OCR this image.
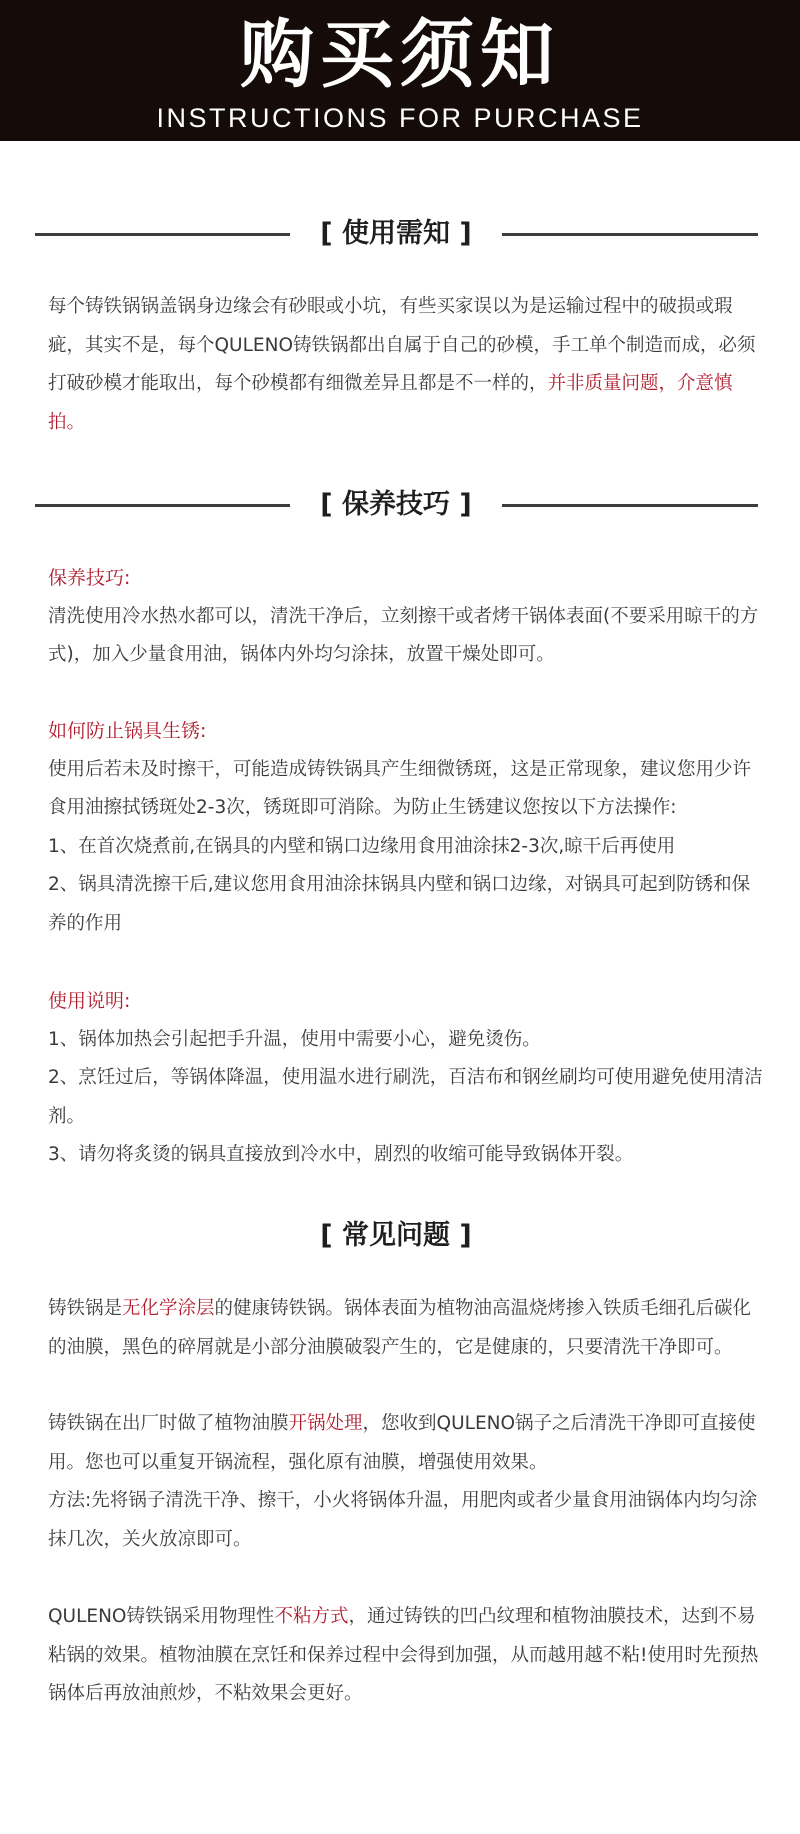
购买须知
INSTRUCTIONS FOR PURCHASE
[ 使用需知 ]

每个铸铁锅锅盖锅身边缘会有砂眼或小坑，有些买家误以为是运输过程中的破损或瑕疵，其实不是，每个QULENO铸铁锅都出自属于自己的砂模，手工单个制造而成，必须打破砂模才能取出，每个砂模都有细微差异且都是不一样的，并非质量问题，介意慎拍。

[ 保养技巧 ]

保养技巧:

清洗使用冷水热水都可以，清洗干净后，立刻擦干或者烤干锅体表面(不要采用晾干的方式)，加入少量食用油，锅体内外均匀涂抹，放置干燥处即可。

如何防止锅具生锈:

使用后若未及时擦干，可能造成铸铁锅具产生细微锈斑，这是正常现象，建议您用少许食用油擦拭锈斑处2-3次，锈斑即可消除。为防止生锈建议您按以下方法操作:

1、在首次烧煮前,在锅具的内壁和锅口边缘用食用油涂抹2-3次,晾干后再使用

2、锅具清洗擦干后,建议您用食用油涂抹锅具内壁和锅口边缘，对锅具可起到防锈和保养的作用

使用说明:

1、锅体加热会引起把手升温，使用中需要小心，避免烫伤。

2、烹饪过后，等锅体降温，使用温水进行刷洗，百洁布和钢丝刷均可使用避免使用清洁剂。

3、请勿将炙烫的锅具直接放到冷水中，剧烈的收缩可能导致锅体开裂。

[ 常见问题 ]

铸铁锅是无化学涂层的健康铸铁锅。锅体表面为植物油高温烧烤掺入铁质毛细孔后碳化的油膜，黑色的碎屑就是小部分油膜破裂产生的，它是健康的，只要清洗干净即可。

铸铁锅在出厂时做了植物油膜开锅处理，您收到QULENO锅子之后清洗干净即可直接使用。您也可以重复开锅流程，强化原有油膜，增强使用效果。

方法:先将锅子清洗干净、擦干，小火将锅体升温，用肥肉或者少量食用油锅体内均匀涂抹几次，关火放凉即可。

QULENO铸铁锅采用物理性不粘方式，通过铸铁的凹凸纹理和植物油膜技术，达到不易粘锅的效果。植物油膜在烹饪和保养过程中会得到加强，从而越用越不粘!使用时先预热锅体后再放油煎炒，不粘效果会更好。
